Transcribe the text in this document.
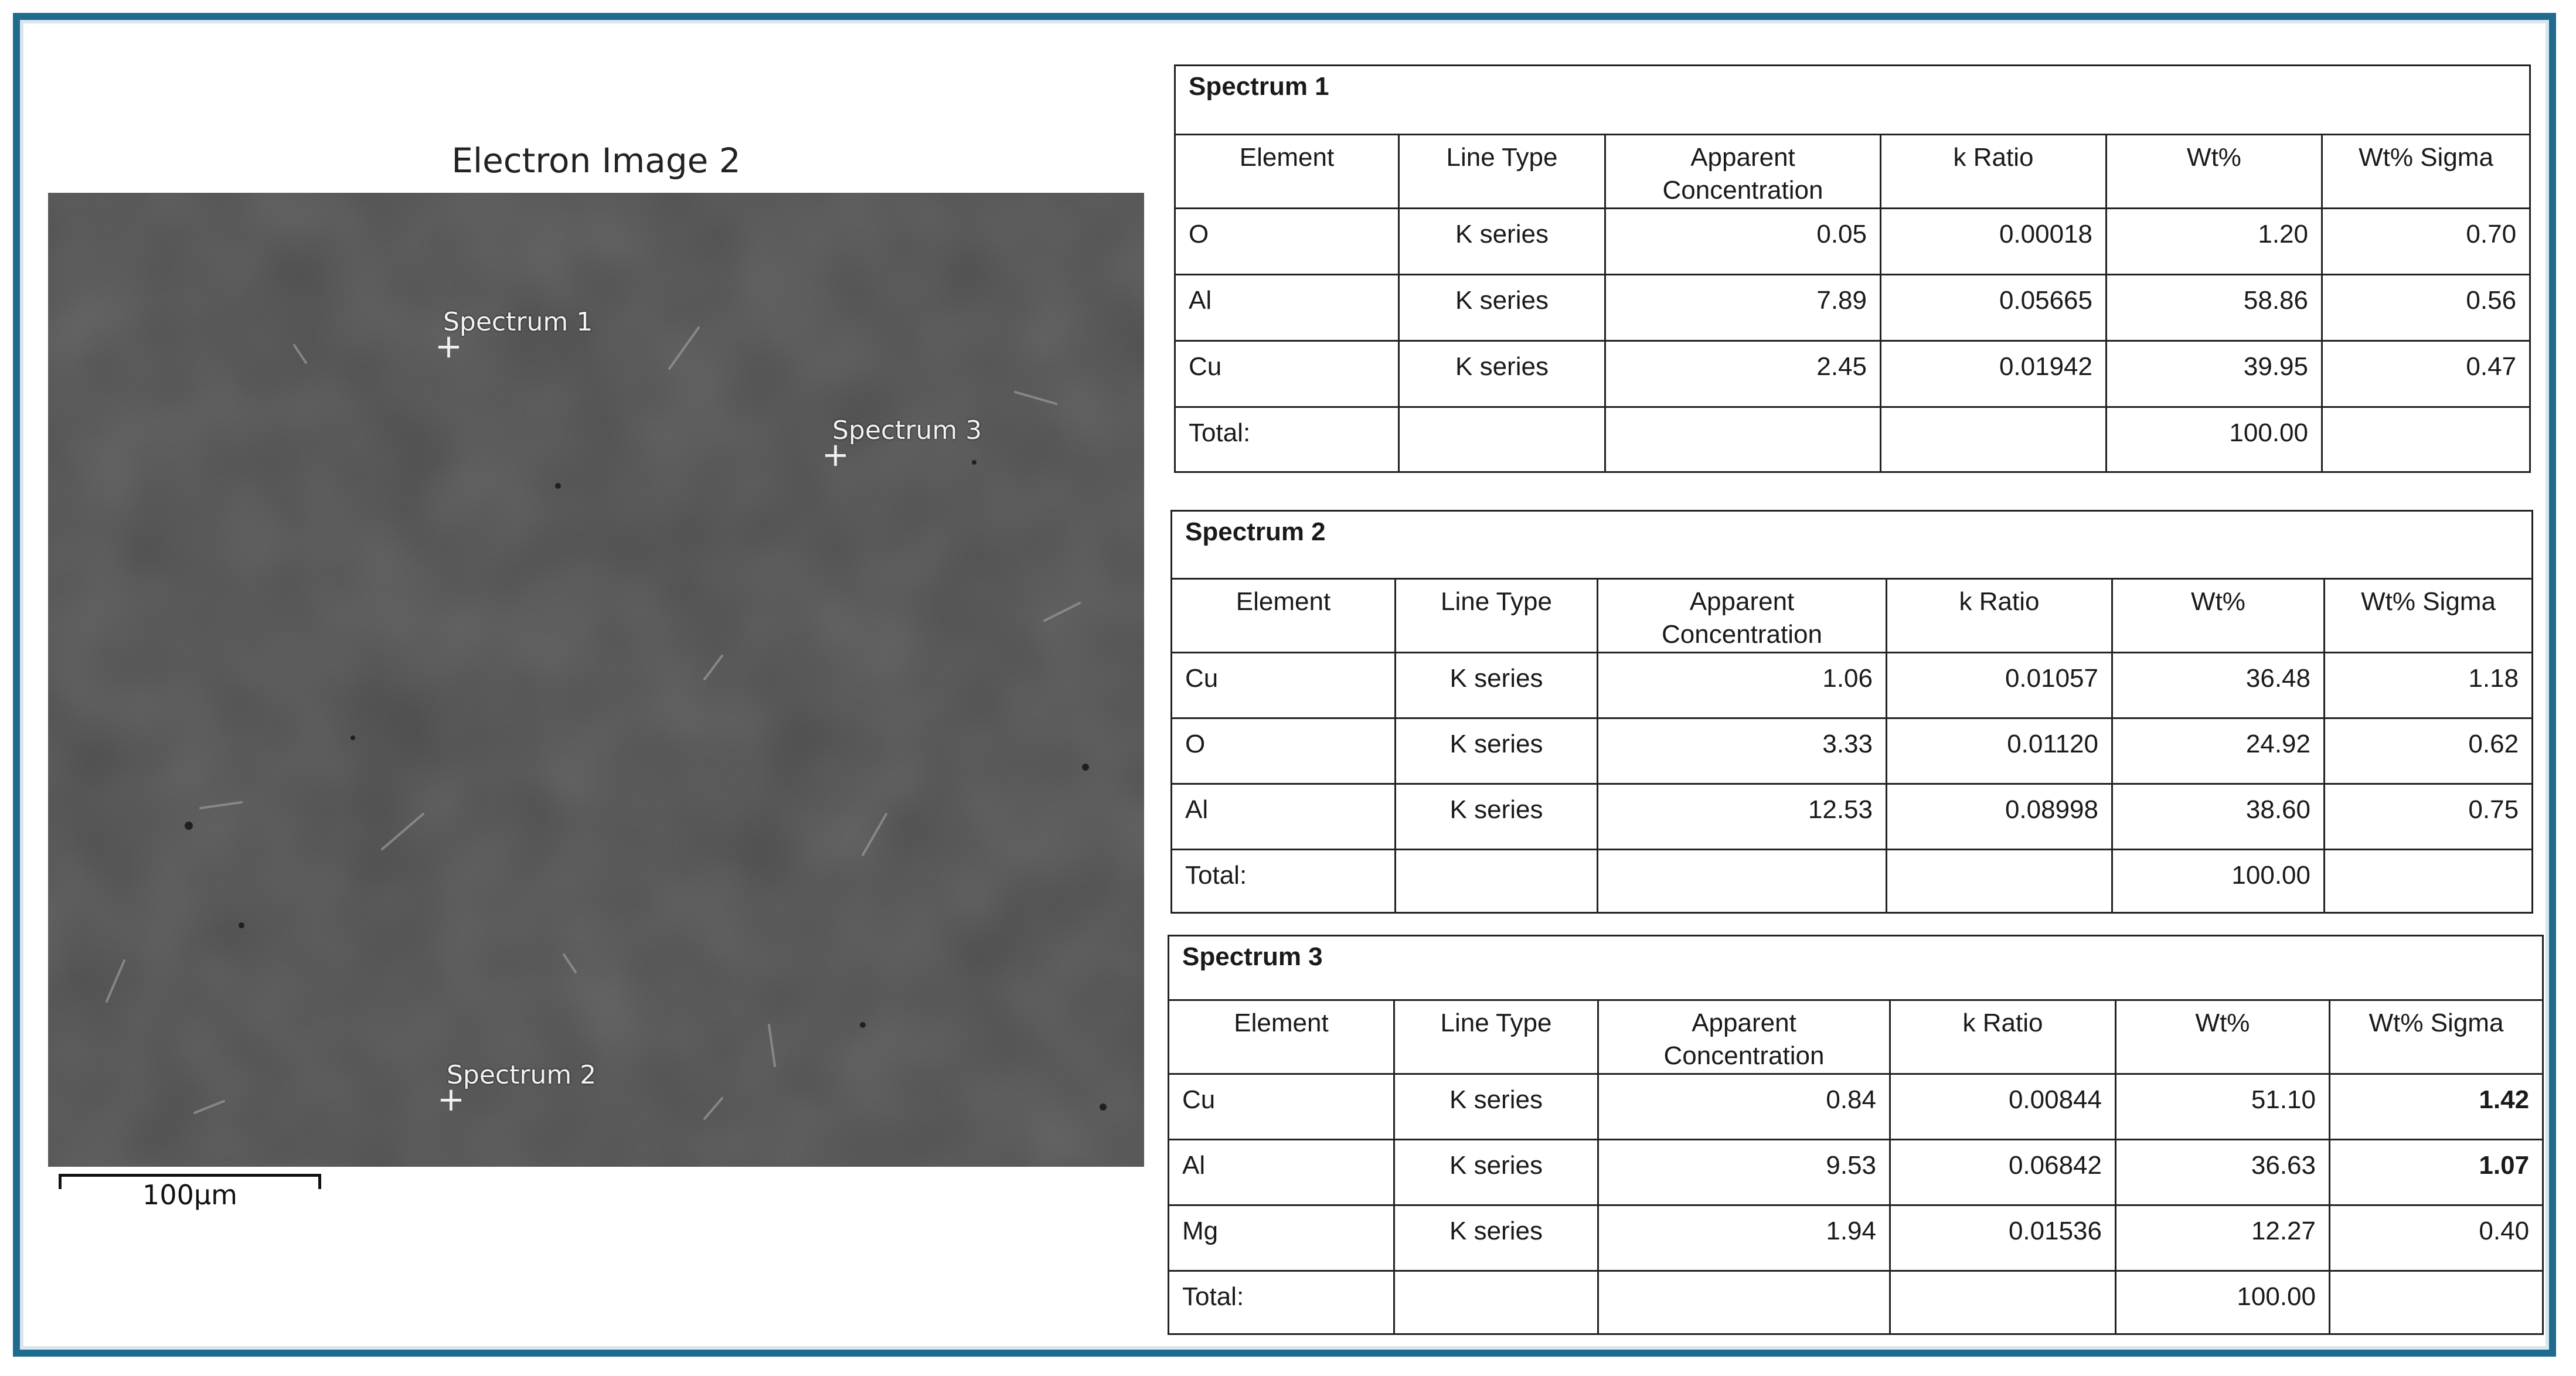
Electron Image 2
+
Spectrum 1
+
Spectrum 3
+
Spectrum 2
100µm
Spectrum 1					
Element	Line Type	Apparent Concentration	k Ratio	Wt%	Wt% Sigma
O	K series	0.05	0.00018	1.20	0.70
Al	K series	7.89	0.05665	58.86	0.56
Cu	K series	2.45	0.01942	39.95	0.47
Total:				100.00	
Spectrum 2					
Element	Line Type	Apparent Concentration	k Ratio	Wt%	Wt% Sigma
Cu	K series	1.06	0.01057	36.48	1.18
O	K series	3.33	0.01120	24.92	0.62
Al	K series	12.53	0.08998	38.60	0.75
Total:				100.00	
Spectrum 3					
Element	Line Type	Apparent Concentration	k Ratio	Wt%	Wt% Sigma
Cu	K series	0.84	0.00844	51.10	1.42
Al	K series	9.53	0.06842	36.63	1.07
Mg	K series	1.94	0.01536	12.27	0.40
Total:				100.00	
